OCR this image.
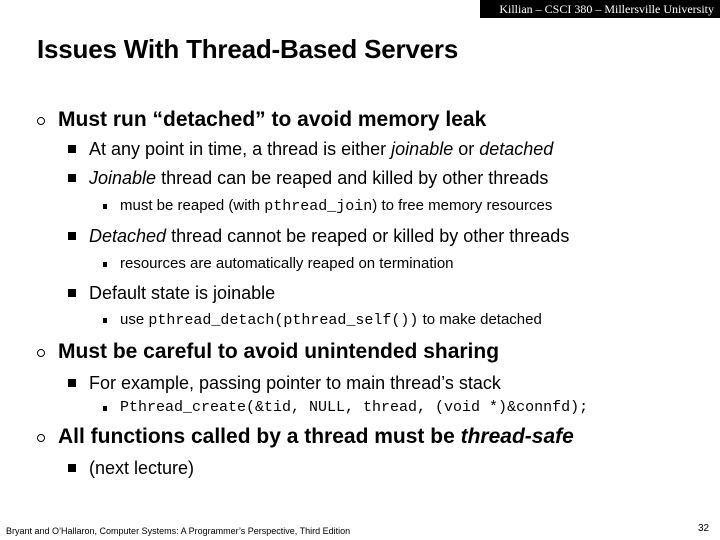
Killian – CSCI 380 – Millersville University
Issues With Thread-Based Servers
Must run “detached” to avoid memory leak
At any point in time, a thread is either joinable or detached
Joinable thread can be reaped and killed by other threads
must be reaped (with pthread_join) to free memory resources
Detached thread cannot be reaped or killed by other threads
resources are automatically reaped on termination
Default state is joinable
use pthread_detach(pthread_self()) to make detached
Must be careful to avoid unintended sharing
For example, passing pointer to main thread’s stack
Pthread_create(&tid, NULL, thread, (void *)&connfd);
All functions called by a thread must be thread-safe
(next lecture)
Bryant and O’Hallaron, Computer Systems: A Programmer’s Perspective, Third Edition	32
